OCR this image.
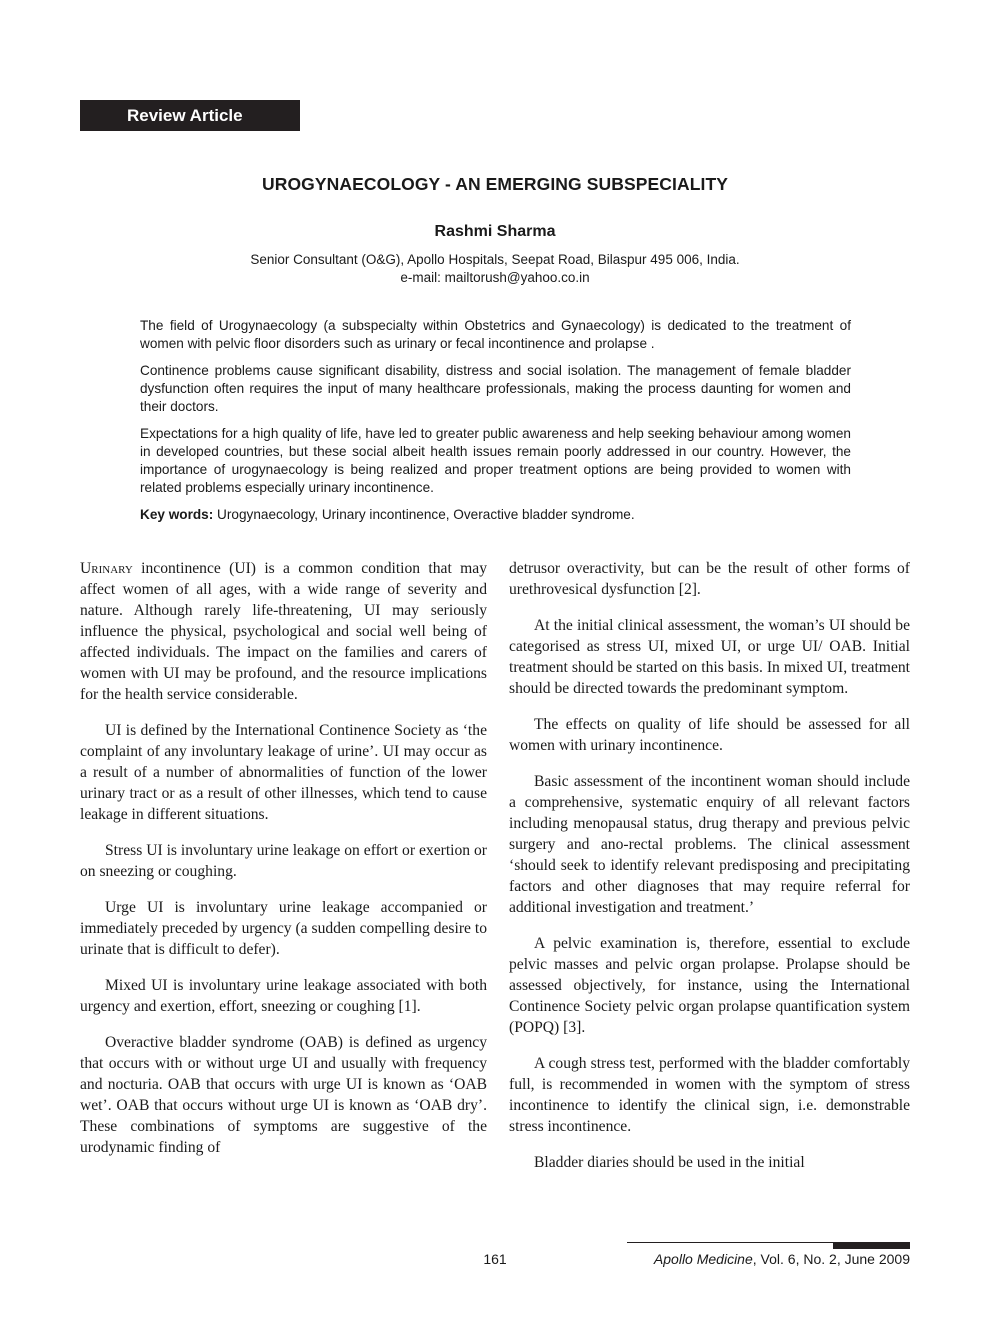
Review Article
UROGYNAECOLOGY - AN EMERGING SUBSPECIALITY
Rashmi Sharma
Senior Consultant (O&G), Apollo Hospitals, Seepat Road, Bilaspur 495 006, India.
e-mail: mailtorush@yahoo.co.in

The field of Urogynaecology (a subspecialty within Obstetrics and Gynaecology) is dedicated to the treatment of women with pelvic floor disorders such as urinary or fecal incontinence and prolapse .

Continence problems cause significant disability, distress and social isolation. The management of female bladder dysfunction often requires the input of many healthcare professionals, making the process daunting for women and their doctors.

Expectations for a high quality of life, have led to greater public awareness and help seeking behaviour among women in developed countries, but these social albeit health issues remain poorly addressed in our country. However, the importance of urogynaecology is being realized and proper treatment options are being provided to women with related problems especially urinary incontinence.

Key words: Urogynaecology, Urinary incontinence, Overactive bladder syndrome.

Urinary incontinence (UI) is a common condition that may affect women of all ages, with a wide range of severity and nature. Although rarely life-threatening, UI may seriously influence the physical, psychological and social well being of affected individuals. The impact on the families and carers of women with UI may be profound, and the resource implications for the health service considerable.

UI is defined by the International Continence Society as ‘the complaint of any involuntary leakage of urine’. UI may occur as a result of a number of abnormalities of function of the lower urinary tract or as a result of other illnesses, which tend to cause leakage in different situations.

Stress UI is involuntary urine leakage on effort or exertion or on sneezing or coughing.

Urge UI is involuntary urine leakage accompanied or immediately preceded by urgency (a sudden compelling desire to urinate that is difficult to defer).

Mixed UI is involuntary urine leakage associated with both urgency and exertion, effort, sneezing or coughing [1].

Overactive bladder syndrome (OAB) is defined as urgency that occurs with or without urge UI and usually with frequency and nocturia. OAB that occurs with urge UI is known as ‘OAB wet’. OAB that occurs without urge UI is known as ‘OAB dry’. These combinations of symptoms are suggestive of the urodynamic finding of

detrusor overactivity, but can be the result of other forms of urethrovesical dysfunction [2].

At the initial clinical assessment, the woman’s UI should be categorised as stress UI, mixed UI, or urge UI/ OAB. Initial treatment should be started on this basis. In mixed UI, treatment should be directed towards the predominant symptom.

The effects on quality of life should be assessed for all women with urinary incontinence.

Basic assessment of the incontinent woman should include a comprehensive, systematic enquiry of all relevant factors including menopausal status, drug therapy and previous pelvic surgery and ano-rectal problems. The clinical assessment ‘should seek to identify relevant predisposing and precipitating factors and other diagnoses that may require referral for additional investigation and treatment.’

A pelvic examination is, therefore, essential to exclude pelvic masses and pelvic organ prolapse. Prolapse should be assessed objectively, for instance, using the International Continence Society pelvic organ prolapse quantification system (POPQ) [3].

A cough stress test, performed with the bladder comfortably full, is recommended in women with the symptom of stress incontinence to identify the clinical sign, i.e. demonstrable stress incontinence.

Bladder diaries should be used in the initial

161	Apollo Medicine, Vol. 6, No. 2, June 2009
